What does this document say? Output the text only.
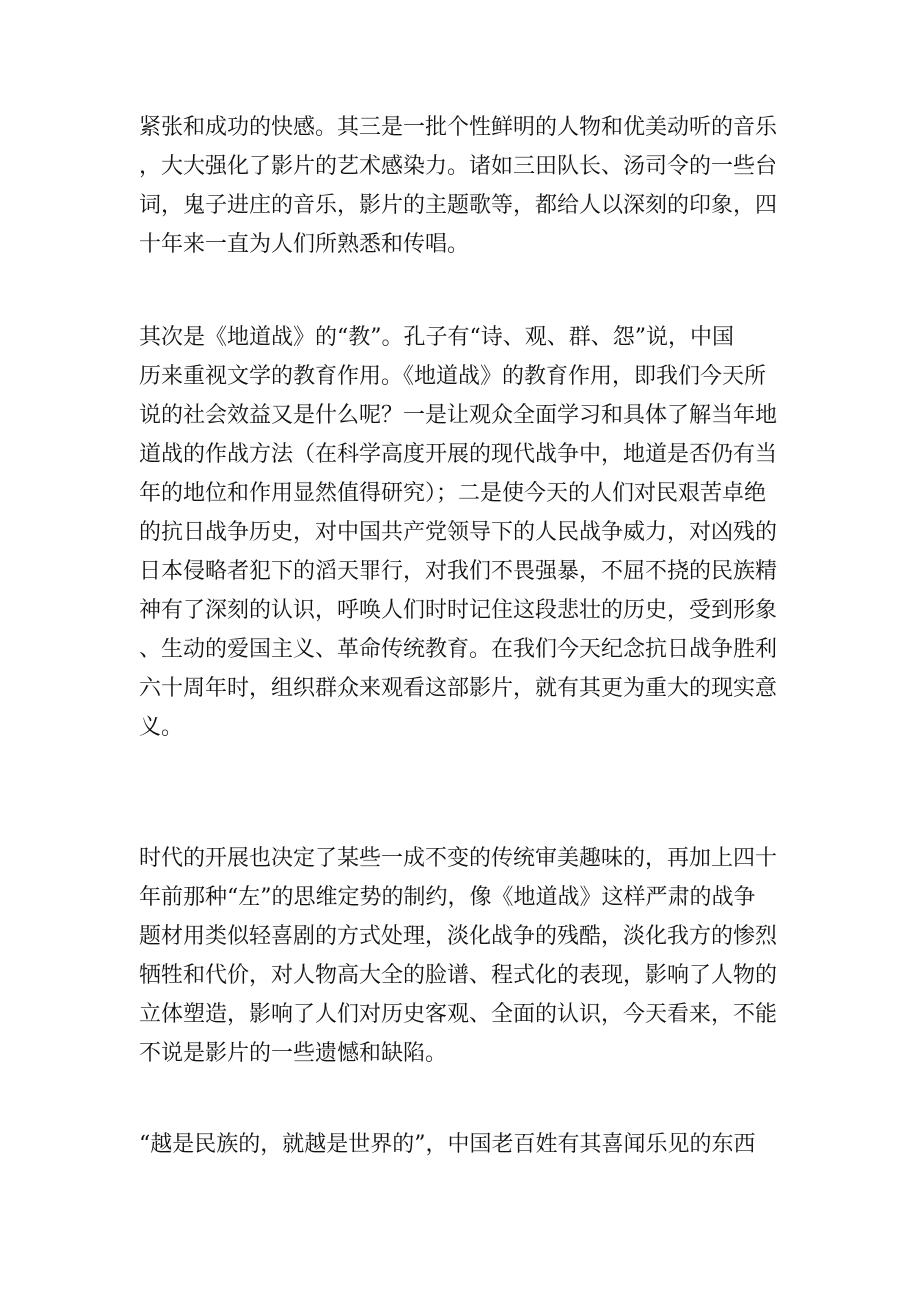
紧张和成功的快感。其三是一批个性鲜明的人物和优美动听的音乐
，大大强化了影片的艺术感染力。诸如三田队长、汤司令的一些台
词，鬼子进庄的音乐，影片的主题歌等，都给人以深刻的印象，四
十年来一直为人们所熟悉和传唱。

其次是《地道战》的“教”。孔子有“诗、观、群、怨”说，中国
历来重视文学的教育作用。《地道战》的教育作用，即我们今天所
说的社会效益又是什么呢？一是让观众全面学习和具体了解当年地
道战的作战方法（在科学高度开展的现代战争中，地道是否仍有当
年的地位和作用显然值得研究）；二是使今天的人们对民艰苦卓绝
的抗日战争历史，对中国共产党领导下的人民战争威力，对凶残的
日本侵略者犯下的滔天罪行，对我们不畏强暴，不屈不挠的民族精
神有了深刻的认识，呼唤人们时时记住这段悲壮的历史，受到形象
、生动的爱国主义、革命传统教育。在我们今天纪念抗日战争胜利
六十周年时，组织群众来观看这部影片，就有其更为重大的现实意
义。

时代的开展也决定了某些一成不变的传统审美趣味的，再加上四十
年前那种“左”的思维定势的制约，像《地道战》这样严肃的战争
题材用类似轻喜剧的方式处理，淡化战争的残酷，淡化我方的惨烈
牺牲和代价，对人物高大全的脸谱、程式化的表现，影响了人物的
立体塑造，影响了人们对历史客观、全面的认识，今天看来，不能
不说是影片的一些遗憾和缺陷。

“越是民族的，就越是世界的”，中国老百姓有其喜闻乐见的东西
